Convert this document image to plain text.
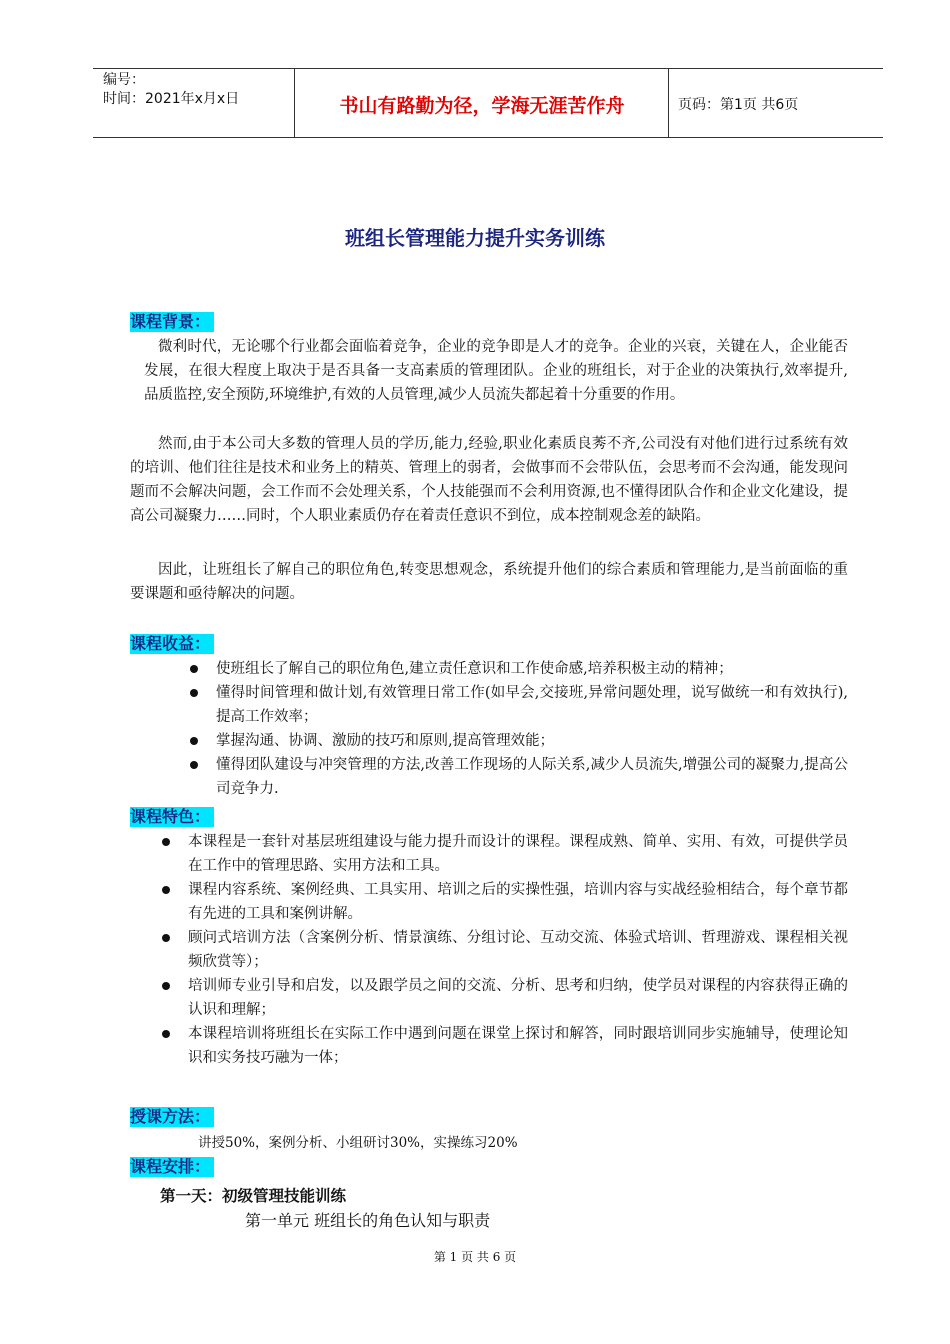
编号：
时间：2021年x月x日	书山有路勤为径，学海无涯苦作舟	页码：第1页 共6页
班组长管理能力提升实务训练
课程背景：
微利时代，无论哪个行业都会面临着竞争，企业的竞争即是人才的竞争。企业的兴衰，关键在人，企业能否发展，在很大程度上取决于是否具备一支高素质的管理团队。企业的班组长，对于企业的决策执行,效率提升,品质监控,安全预防,环境维护,有效的人员管理,减少人员流失都起着十分重要的作用。
然而,由于本公司大多数的管理人员的学历,能力,经验,职业化素质良莠不齐,公司没有对他们进行过系统有效的培训、他们往往是技术和业务上的精英、管理上的弱者，会做事而不会带队伍，会思考而不会沟通，能发现问题而不会解决问题，会工作而不会处理关系，个人技能强而不会利用资源,也不懂得团队合作和企业文化建设，提高公司凝聚力……同时，个人职业素质仍存在着责任意识不到位，成本控制观念差的缺陷。
因此，让班组长了解自己的职位角色,转变思想观念，系统提升他们的综合素质和管理能力,是当前面临的重要课题和亟待解决的问题。
课程收益：
使班组长了解自己的职位角色,建立责任意识和工作使命感,培养积极主动的精神；
懂得时间管理和做计划,有效管理日常工作(如早会,交接班,异常问题处理，说写做统一和有效执行),提高工作效率；
掌握沟通、协调、激励的技巧和原则,提高管理效能；
懂得团队建设与冲突管理的方法,改善工作现场的人际关系,减少人员流失,增强公司的凝聚力,提高公司竞争力.
课程特色：
本课程是一套针对基层班组建设与能力提升而设计的课程。课程成熟、简单、实用、有效，可提供学员在工作中的管理思路、实用方法和工具。
课程内容系统、案例经典、工具实用、培训之后的实操性强，培训内容与实战经验相结合，每个章节都有先进的工具和案例讲解。
顾问式培训方法（含案例分析、情景演练、分组讨论、互动交流、体验式培训、哲理游戏、课程相关视频欣赏等）；
培训师专业引导和启发，以及跟学员之间的交流、分析、思考和归纳，使学员对课程的内容获得正确的认识和理解；
本课程培训将班组长在实际工作中遇到问题在课堂上探讨和解答，同时跟培训同步实施辅导，使理论知识和实务技巧融为一体；
授课方法：
讲授50%，案例分析、小组研讨30%，实操练习20%
课程安排：
第一天：初级管理技能训练
第一单元 班组长的角色认知与职责
第 1 页 共 6 页
